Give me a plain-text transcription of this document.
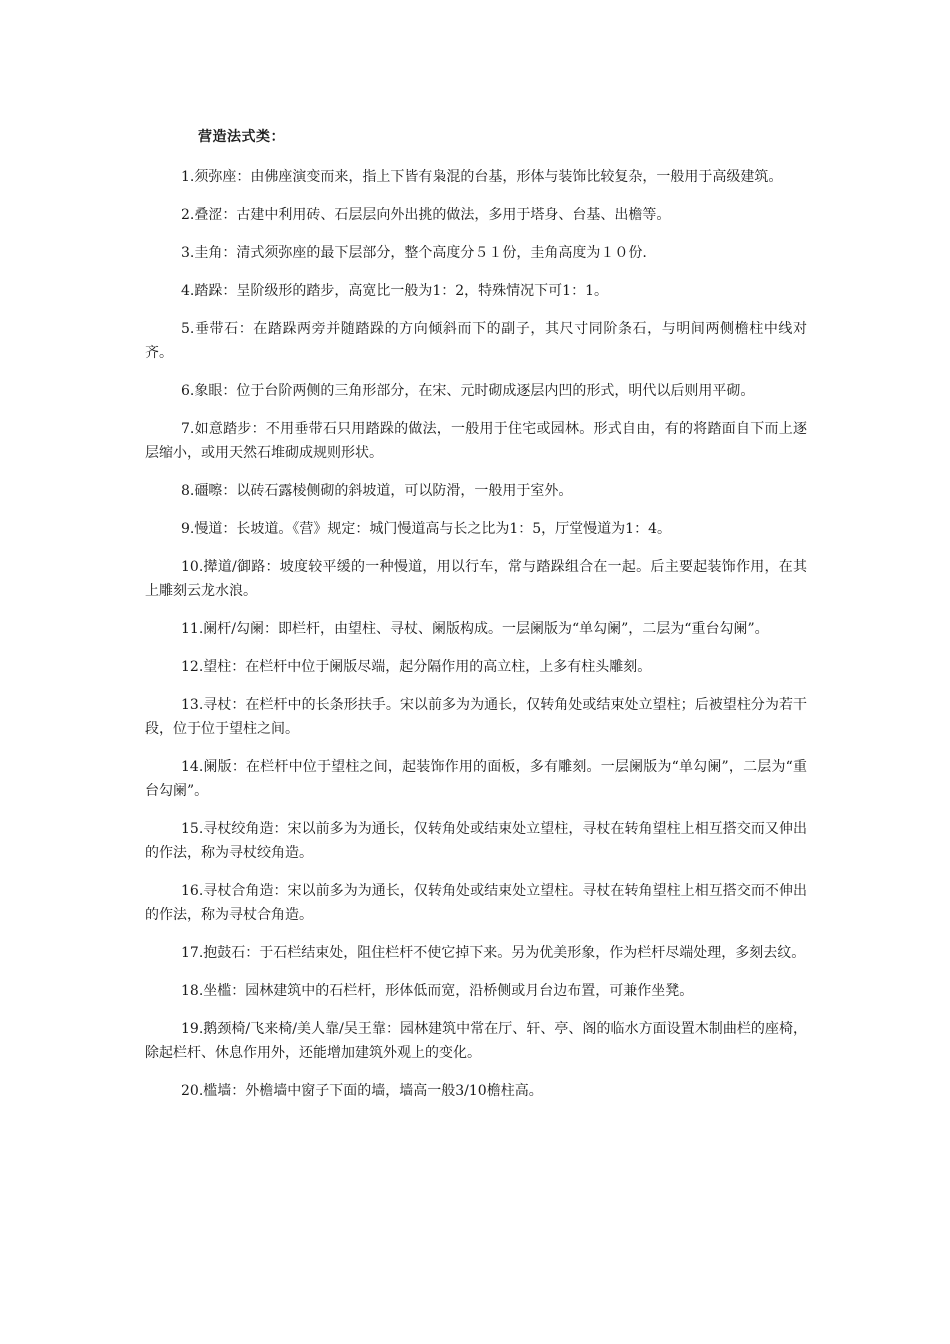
营造法式类：

1.须弥座：由佛座演变而来，指上下皆有枭混的台基，形体与装饰比较复杂，一般用于高级建筑。

2.叠涩：古建中利用砖、石层层向外出挑的做法，多用于塔身、台基、出檐等。

3.圭角：清式须弥座的最下层部分，整个高度分５１份，圭角高度为１０份.

4.踏跺：呈阶级形的踏步，高宽比一般为1：2，特殊情况下可1：1。

5.垂带石：在踏跺两旁并随踏跺的方向倾斜而下的副子，其尺寸同阶条石，与明间两侧檐柱中线对齐。

6.象眼：位于台阶两侧的三角形部分，在宋、元时砌成逐层内凹的形式，明代以后则用平砌。

7.如意踏步：不用垂带石只用踏跺的做法，一般用于住宅或园林。形式自由，有的将踏面自下而上逐层缩小，或用天然石堆砌成规则形状。

8.礓嚓：以砖石露棱侧砌的斜坡道，可以防滑，一般用于室外。

9.慢道：长坡道。《营》规定：城门慢道高与长之比为1：5，厅堂慢道为1：4。

10.撵道/御路：坡度较平缓的一种慢道，用以行车，常与踏跺组合在一起。后主要起装饰作用，在其上雕刻云龙水浪。

11.阑杆/勾阑：即栏杆，由望柱、寻杖、阑版构成。一层阑版为“单勾阑”，二层为“重台勾阑”。

12.望柱：在栏杆中位于阑版尽端，起分隔作用的高立柱，上多有柱头雕刻。

13.寻杖：在栏杆中的长条形扶手。宋以前多为为通长，仅转角处或结束处立望柱；后被望柱分为若干段，位于位于望柱之间。

14.阑版：在栏杆中位于望柱之间，起装饰作用的面板，多有雕刻。一层阑版为“单勾阑”，二层为“重台勾阑”。

15.寻杖绞角造：宋以前多为为通长，仅转角处或结束处立望柱，寻杖在转角望柱上相互搭交而又伸出的作法，称为寻杖绞角造。

16.寻杖合角造：宋以前多为为通长，仅转角处或结束处立望柱。寻杖在转角望柱上相互搭交而不伸出的作法，称为寻杖合角造。

17.抱鼓石：于石栏结束处，阻住栏杆不使它掉下来。另为优美形象，作为栏杆尽端处理，多刻去纹。

18.坐槛：园林建筑中的石栏杆，形体低而宽，沿桥侧或月台边布置，可兼作坐凳。

19.鹅颈椅/飞来椅/美人靠/吴王靠：园林建筑中常在厅、轩、亭、阁的临水方面设置木制曲栏的座椅，除起栏杆、休息作用外，还能增加建筑外观上的变化。

20.槛墙：外檐墙中窗子下面的墙，墙高一般3/10檐柱高。
